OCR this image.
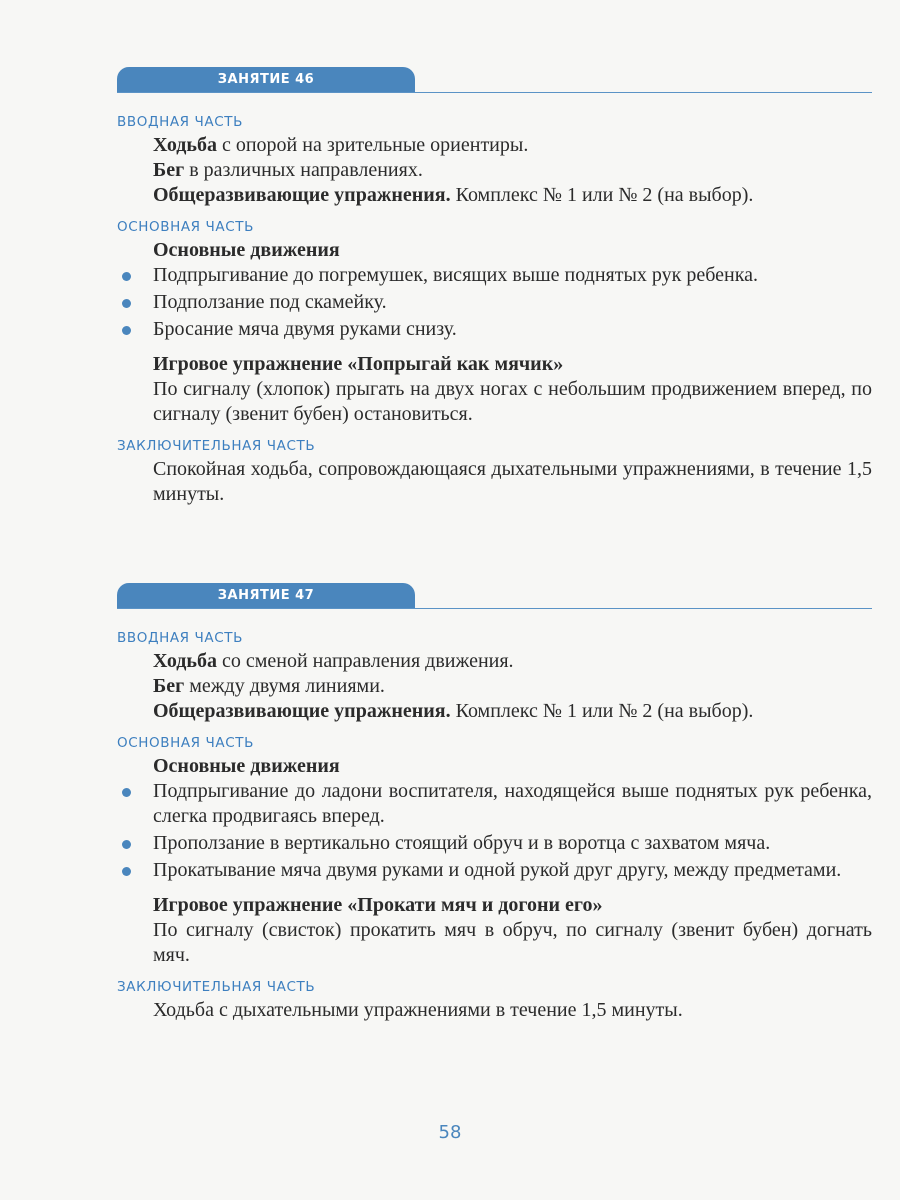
ЗАНЯТИЕ 46
ВВОДНАЯ ЧАСТЬ
Ходьба с опорой на зрительные ориентиры.
Бег в различных направлениях.
Общеразвивающие упражнения. Комплекс № 1 или № 2 (на выбор).
ОСНОВНАЯ ЧАСТЬ
Основные движения
Подпрыгивание до погремушек, висящих выше поднятых рук ребенка.
Подползание под скамейку.
Бросание мяча двумя руками снизу.
Игровое упражнение «Попрыгай как мячик»
По сигналу (хлопок) прыгать на двух ногах с небольшим продвижением вперед, по сигналу (звенит бубен) остановиться.
ЗАКЛЮЧИТЕЛЬНАЯ ЧАСТЬ
Спокойная ходьба, сопровождающаяся дыхательными упражнениями, в течение 1,5 минуты.
ЗАНЯТИЕ 47
ВВОДНАЯ ЧАСТЬ
Ходьба со сменой направления движения.
Бег между двумя линиями.
Общеразвивающие упражнения. Комплекс № 1 или № 2 (на выбор).
ОСНОВНАЯ ЧАСТЬ
Основные движения
Подпрыгивание до ладони воспитателя, находящейся выше поднятых рук ребенка, слегка продвигаясь вперед.
Проползание в вертикально стоящий обруч и в воротца с захватом мяча.
Прокатывание мяча двумя руками и одной рукой друг другу, между предметами.
Игровое упражнение «Прокати мяч и догони его»
По сигналу (свисток) прокатить мяч в обруч, по сигналу (звенит бубен) догнать мяч.
ЗАКЛЮЧИТЕЛЬНАЯ ЧАСТЬ
Ходьба с дыхательными упражнениями в течение 1,5 минуты.
58
